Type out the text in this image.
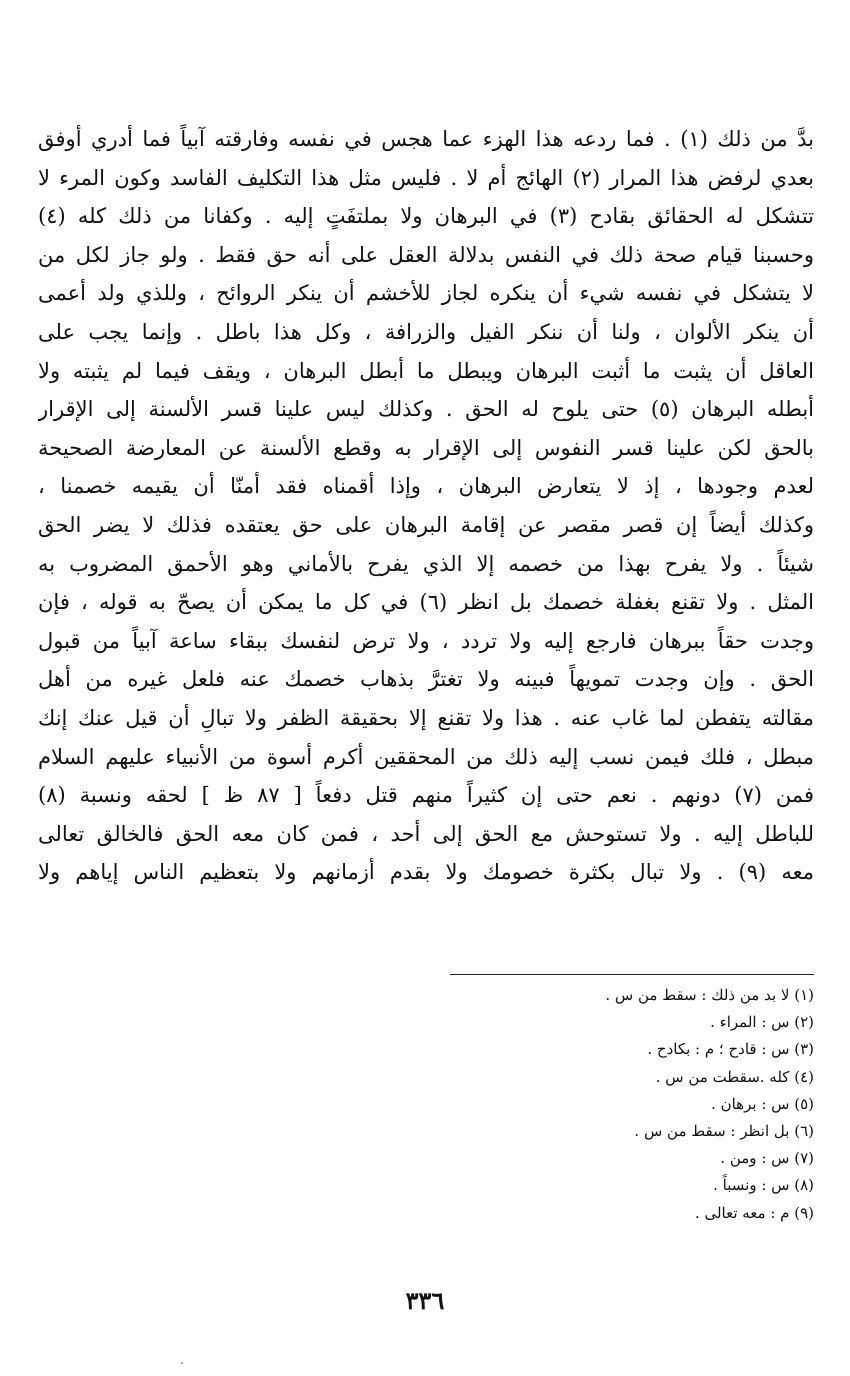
بدَّ من ذلك (١) . فما ردعه هذا الهزء عما هجس في نفسه وفارقته آبياً فما أدري أوفق
بعدي لرفض هذا المرار (٢) الهائج أم لا . فليس مثل هذا التكليف الفاسد وكون المرء لا
تتشكل له الحقائق بقادح (٣) في البرهان ولا بملتفَتٍ إليه . وكفانا من ذلك كله (٤)
وحسبنا قيام صحة ذلك في النفس بدلالة العقل على أنه حق فقط . ولو جاز لكل من
لا يتشكل في نفسه شيء أن ينكره لجاز للأخشم أن ينكر الروائح ، وللذي ولد أعمى
أن ينكر الألوان ، ولنا أن ننكر الفيل والزرافة ، وكل هذا باطل . وإنما يجب على
العاقل أن يثبت ما أثبت البرهان ويبطل ما أبطل البرهان ، ويقف فيما لم يثبته ولا
أبطله البرهان (٥) حتى يلوح له الحق . وكذلك ليس علينا قسر الألسنة إلى الإقرار
بالحق لكن علينا قسر النفوس إلى الإقرار به وقطع الألسنة عن المعارضة الصحيحة
لعدم وجودها ، إذ لا يتعارض البرهان ، وإذا أقمناه فقد أمنّا أن يقيمه خصمنا ،
وكذلك أيضاً إن قصر مقصر عن إقامة البرهان على حق يعتقده فذلك لا يضر الحق
شيئاً . ولا يفرح بهذا من خصمه إلا الذي يفرح بالأماني وهو الأحمق المضروب به
المثل . ولا تقنع بغفلة خصمك بل انظر (٦) في كل ما يمكن أن يصحّ به قوله ، فإن
وجدت حقاً ببرهان فارجع إليه ولا تردد ، ولا ترض لنفسك ببقاء ساعة آبياً من قبول
الحق . وإن وجدت تمويهاً فبينه ولا تغترَّ بذهاب خصمك عنه فلعل غيره من أهل
مقالته يتفطن لما غاب عنه . هذا ولا تقنع إلا بحقيقة الظفر ولا تبالِ أن قيل عنك إنك
مبطل ، فلك فيمن نسب إليه ذلك من المحققين أكرم أسوة من الأنبياء عليهم السلام
فمن (٧) دونهم . نعم حتى إن كثيراً منهم قتل دفعاً [ ٨٧ ظ ] لحقه ونسبة (٨)
للباطل إليه . ولا تستوحش مع الحق إلى أحد ، فمن كان معه الحق فالخالق تعالى
معه (٩) . ولا تبال بكثرة خصومك ولا بقدم أزمانهم ولا بتعظيم الناس إياهم ولا
(١) لا بد من ذلك : سقط من س .
(٢) س : المراء .
(٣) س : قادح ؛ م : بكادح .
(٤) كله .سقطت من س .
(٥) س : برهان .
(٦) بل انظر : سقط من س .
(٧) س : ومن .
(٨) س : ونسباً .
(٩) م : معه تعالى .
٣٣٦
